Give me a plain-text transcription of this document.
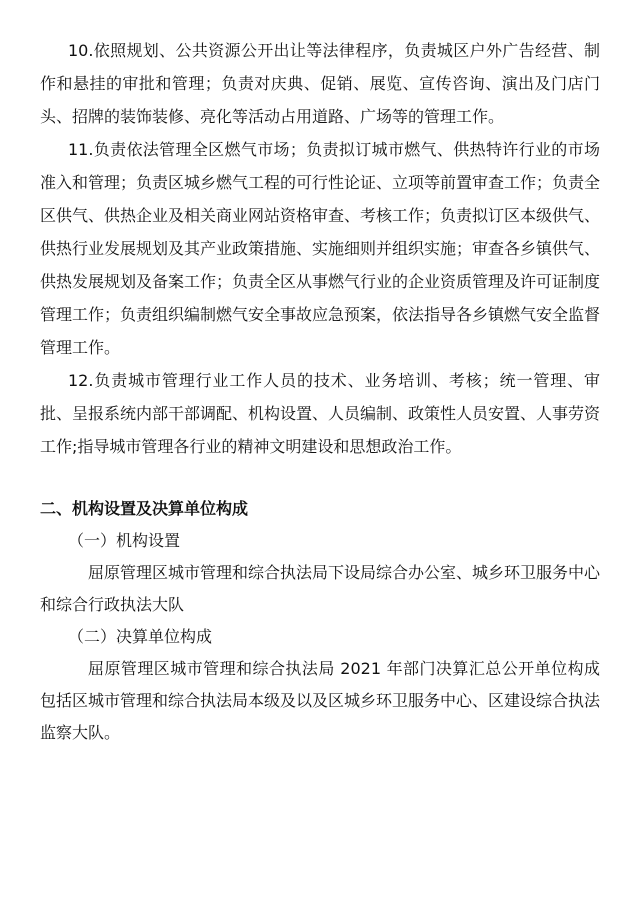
10.依照规划、公共资源公开出让等法律程序，负责城区户外广告经营、制作和悬挂的审批和管理；负责对庆典、促销、展览、宣传咨询、演出及门店门头、招牌的装饰装修、亮化等活动占用道路、广场等的管理工作。

11.负责依法管理全区燃气市场；负责拟订城市燃气、供热特许行业的市场准入和管理；负责区城乡燃气工程的可行性论证、立项等前置审查工作；负责全区供气、供热企业及相关商业网站资格审查、考核工作；负责拟订区本级供气、供热行业发展规划及其产业政策措施、实施细则并组织实施；审查各乡镇供气、供热发展规划及备案工作；负责全区从事燃气行业的企业资质管理及许可证制度管理工作；负责组织编制燃气安全事故应急预案，依法指导各乡镇燃气安全监督管理工作。

12.负责城市管理行业工作人员的技术、业务培训、考核；统一管理、审批、呈报系统内部干部调配、机构设置、人员编制、政策性人员安置、人事劳资工作;指导城市管理各行业的精神文明建设和思想政治工作。

二、机构设置及决算单位构成

（一）机构设置

屈原管理区城市管理和综合执法局下设局综合办公室、城乡环卫服务中心和综合行政执法大队

（二）决算单位构成

屈原管理区城市管理和综合执法局 2021 年部门决算汇总公开单位构成包括区城市管理和综合执法局本级及以及区城乡环卫服务中心、区建设综合执法监察大队。
